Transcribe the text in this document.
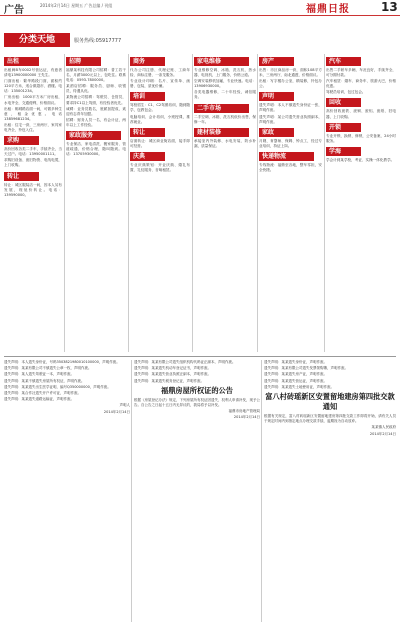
广告	2014年2月14日 星期五 广告总编 / 刊组	福鼎日报	13
分类天地	服务热线:05917777
出租
出租闽B车0002号营运证，有意者请电13900000000 王先生。
门面出租：繁华路段门面，面积约120平方米，适合做超市、酒楼。电话：135001234。
厂房出租：1000平方米厂房出租，水电齐全，交通便利，价格面议。
出租：桐城路店面一间，可做多种生意，租金优惠。电话13859681234。
出租：住宅一套，三房两厅，家具家电齐全，拎包入住。
求购
高价回收各类二手车，手续齐全，当天过户。电话：13950001111。
求购旧设备、废旧物资、电线电缆，上门收购。
转让
转让：城区服装店一间，因本人另有发展，现低价转让。电话：139590000。
招聘
福鼎某科技有限公司招聘：普工若干名，月薪3000元以上，包吃住。联系电话：0593-7800000。
某酒店招聘：服务员、厨师、收银员，待遇从优。
某物流公司招聘：驾驶员、仓管员，要求持C1以上驾照，有经验者优先。
诚聘：业务员数名，底薪加提成，欢迎有志青年加盟。
招聘：财务人员一名，有会计证，两年以上工作经验。
家政服务
专业保洁、家电清洗、搬家服务、管道疏通，价格合理，随叫随到。电话：13705930000。
商务
代办公司注册、代理记账、工商年检、商标注册，一条龙服务。
专业设计印刷：名片、宣传单、画册、包装，质优价廉。
培训
驾校招生：C1、C2驾照培训，随到随学，包教包会。
电脑培训、会计培训，小班授课，推荐就业。
转让
店面转让：城区商业街店面，接手即可经营。
庆典
专业庆典策划：开业庆典、婚礼布置、礼仪服务、音响租赁。
家电维修
专业维修空调、冰箱、洗衣机、热水器、电视机，上门服务，价格公道。
空调安装移机加氟，专业快速。电话：13906930000。
各类电器维修，二十年经验，诚信服务。
二手市场
二手空调、冰箱、洗衣机低价出售，保修一年。
建材装修
承接室内外装修、水电安装、防水补漏，质量保证。
房产
出售：市区商品房一套，面积108平方米，三房两厅，南北通透，价格面议。
出租：写字楼办公室，精装修，拎包办公。
声明
遗失声明：本人不慎遗失身份证一张，声明作废。
遗失声明：某公司遗失营业执照副本，声明作废。
家政
月嫂、育婴师、保姆、钟点工，经过专业培训，持证上岗。
快递物流
专线物流：福鼎至各地，整车零担，安全快捷。
汽车
出售二手轿车多辆，车况良好，手续齐全，可分期付款。
汽车租赁：婚车、商务车、旅游大巴，价格优惠。
驾驶员培训，包过包会。
回收
高价回收废铁、废铜、废铝、废纸、旧电器，上门收购。
开锁
专业开锁、换锁、修锁，公安备案，24小时服务。
学海
学会计到某学校，考证、实操一体化教学。
遗失声明：本人遗失身份证，号码3503821980010100000，声明作废。
遗失声明：某某有限公司不慎遗失公章一枚，声明作废。
遗失声明：某人遗失驾驶证一本，声明作废。
遗失声明：某某不慎遗失房屋所有权证，声明作废。
遗失声明：某某遗失出生医学证明，编号Q350000000，声明作废。
遗失声明：某合作社遗失开户许可证，声明作废。
遗失声明：某某遗失道路运输证，声明作废。
声明人
2014年2月14日
遗失声明：某某有限公司遗失组织机构代码证正副本，声明作废。
遗失声明：某某遗失机动车登记证书，声明作废。
遗失声明：某某遗失营业执照正副本，声明作废。
遗失声明：某某遗失税务登记证，声明作废。
福鼎房屋所权证的公告
根据《房屋登记办法》规定，下列房屋所有权证因遗失，权利人申请补发，现予公告。自公告之日起十五日内无异议的，我局将予以补发。
福鼎市房地产管理局
2014年2月14日
遗失声明：某某遗失身份证，声明作废。
遗失声明：某某有限公司遗失发票领购簿，声明作废。
遗失声明：某某遗失房产证，声明作废。
遗失声明：某某遗失营运证，声明作废。
遗失声明：某某遗失土地使用证，声明作废。
富八村砖瑶新区安置留地建房第四批交款通知
根据有关规定，富八村砖瑶新区安置留地建房第四批交款工作即将开始，请有关人员于规定时间内到指定地点办理交款手续，逾期视为自动放弃。
某某镇人民政府
2014年2月14日
